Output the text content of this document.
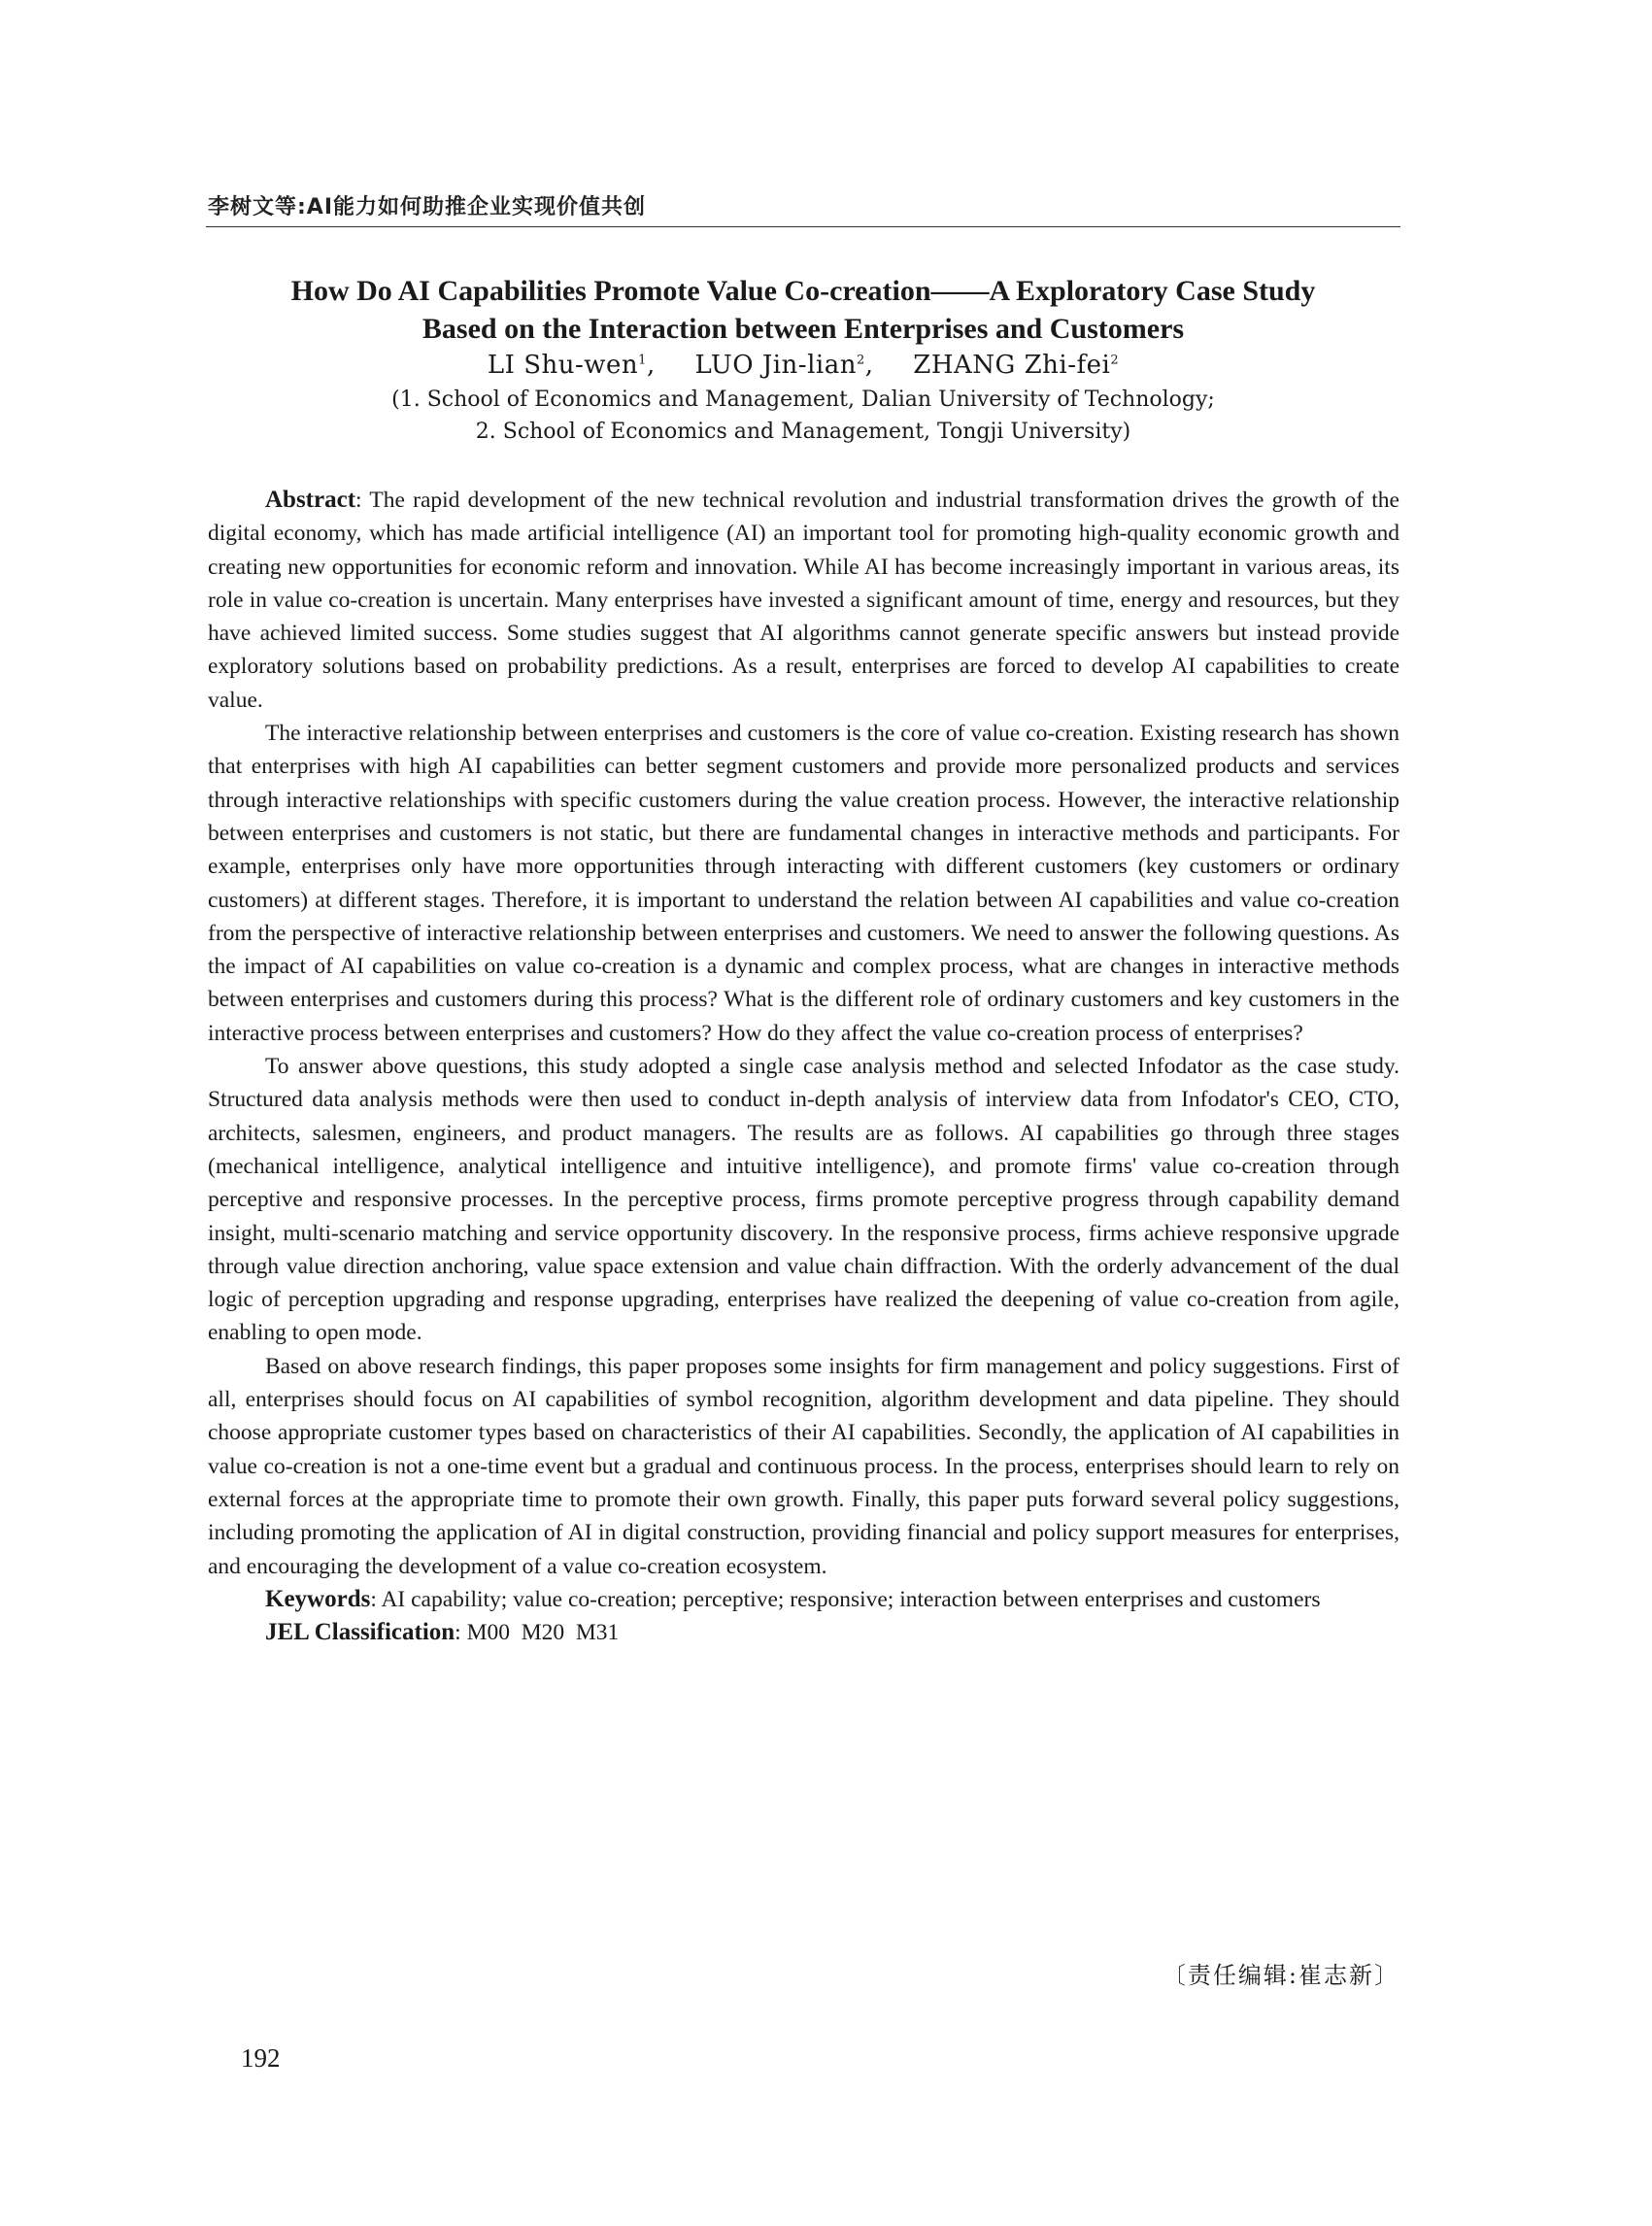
李树文等:AI能力如何助推企业实现价值共创
How Do AI Capabilities Promote Value Co-creation——A Exploratory Case Study
Based on the Interaction between Enterprises and Customers
LI Shu-wen$^1$, LUO Jin-lian$^2$, ZHANG Zhi-fei$^2$
(1. School of Economics and Management, Dalian University of Technology;
2. School of Economics and Management, Tongji University)

Abstract: The rapid development of the new technical revolution and industrial transformation drives the growth of the digital economy, which has made artificial intelligence (AI) an important tool for promoting high-quality economic growth and creating new opportunities for economic reform and innovation. While AI has become increasingly important in various areas, its role in value co-creation is uncertain. Many enterprises have invested a significant amount of time, energy and resources, but they have achieved limited success. Some studies suggest that AI algorithms cannot generate specific answers but instead provide exploratory solutions based on probability predictions. As a result, enterprises are forced to develop AI capabilities to create value.

The interactive relationship between enterprises and customers is the core of value co-creation. Existing research has shown that enterprises with high AI capabilities can better segment customers and provide more personalized products and services through interactive relationships with specific customers during the value creation process. However, the interactive relationship between enterprises and customers is not static, but there are fundamental changes in interactive methods and participants. For example, enterprises only have more opportunities through interacting with different customers (key customers or ordinary customers) at different stages. Therefore, it is important to understand the relation between AI capabilities and value co-creation from the perspective of interactive relationship between enterprises and customers. We need to answer the following questions. As the impact of AI capabilities on value co-creation is a dynamic and complex process, what are changes in interactive methods between enterprises and customers during this process? What is the different role of ordinary customers and key customers in the interactive process between enterprises and customers? How do they affect the value co-creation process of enterprises?

To answer above questions, this study adopted a single case analysis method and selected Infodator as the case study. Structured data analysis methods were then used to conduct in-depth analysis of interview data from Infodator's CEO, CTO, architects, salesmen, engineers, and product managers. The results are as follows. AI capabilities go through three stages (mechanical intelligence, analytical intelligence and intuitive intelligence), and promote firms' value co-creation through perceptive and responsive processes. In the perceptive process, firms promote perceptive progress through capability demand insight, multi-scenario matching and service opportunity discovery. In the responsive process, firms achieve responsive upgrade through value direction anchoring, value space extension and value chain diffraction. With the orderly advancement of the dual logic of perception upgrading and response upgrading, enterprises have realized the deepening of value co-creation from agile, enabling to open mode.

Based on above research findings, this paper proposes some insights for firm management and policy suggestions. First of all, enterprises should focus on AI capabilities of symbol recognition, algorithm development and data pipeline. They should choose appropriate customer types based on characteristics of their AI capabilities. Secondly, the application of AI capabilities in value co-creation is not a one-time event but a gradual and continuous process. In the process, enterprises should learn to rely on external forces at the appropriate time to promote their own growth. Finally, this paper puts forward several policy suggestions, including promoting the application of AI in digital construction, providing financial and policy support measures for enterprises, and encouraging the development of a value co-creation ecosystem.

Keywords: AI capability; value co-creation; perceptive; responsive; interaction between enterprises and customers

JEL Classification: M00  M20  M31

〔责任编辑:崔志新〕
192
